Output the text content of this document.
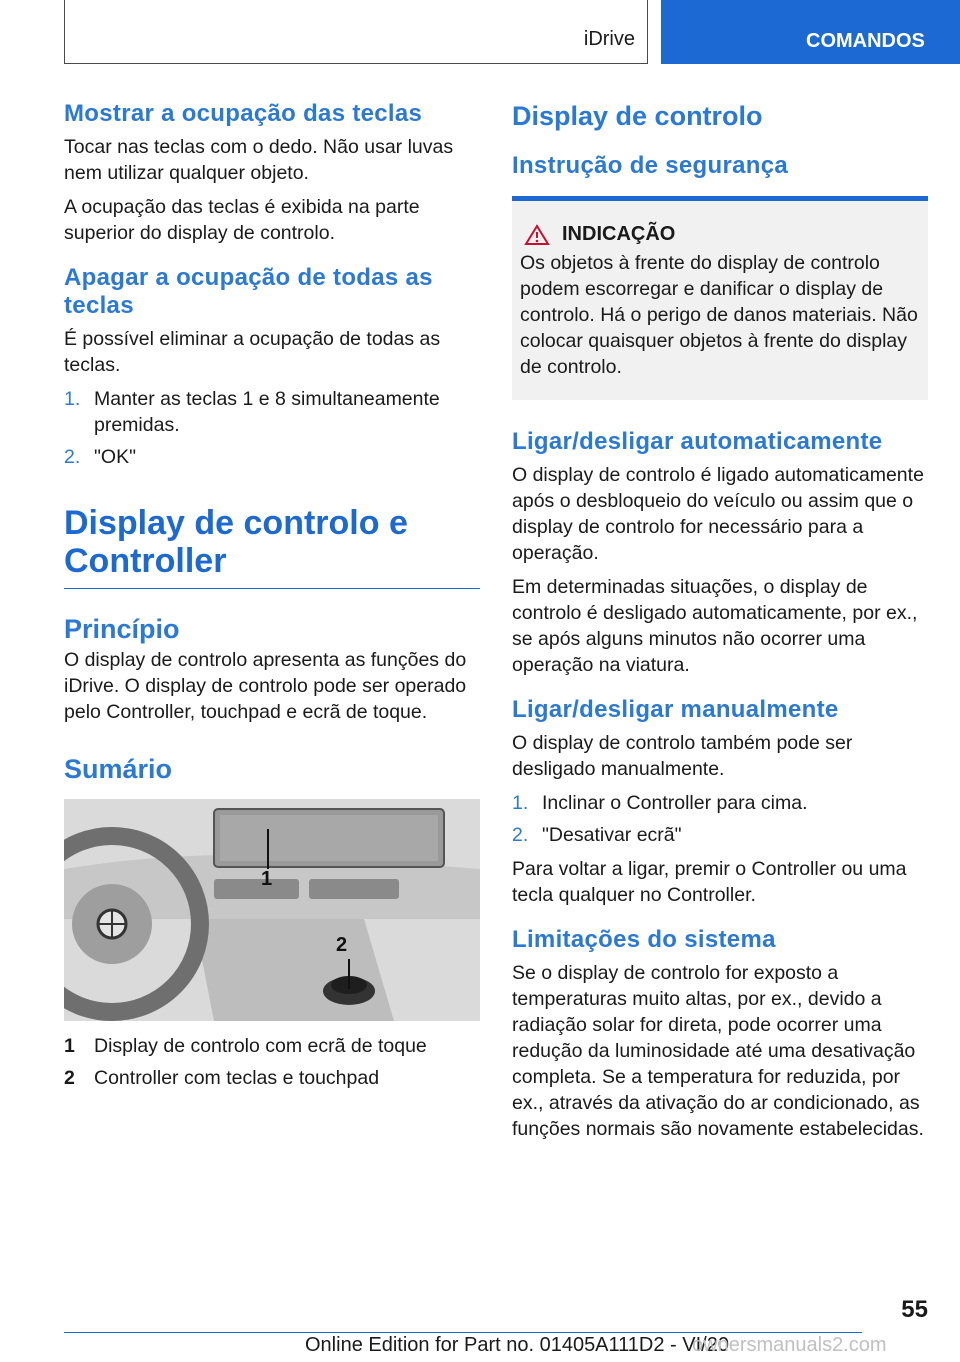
iDrive	COMANDOS
Mostrar a ocupação das teclas

Tocar nas teclas com o dedo. Não usar luvas nem utilizar qualquer objeto.

A ocupação das teclas é exibida na parte superior do display de controlo.

Apagar a ocupação de todas as teclas

É possível eliminar a ocupação de todas as teclas.

1. Manter as teclas 1 e 8 simultaneamente premidas.
2. "OK"
Display de controlo e Controller
Princípio

O display de controlo apresenta as funções do iDrive. O display de controlo pode ser operado pelo Controller, touchpad e ecrã de toque.

Sumário
1
2
1 Display de controlo com ecrã de toque
2 Controller com teclas e touchpad
Display de controlo
Instrução de segurança
INDICAÇÃO

Os objetos à frente do display de controlo podem escorregar e danificar o display de controlo. Há o perigo de danos materiais. Não colocar quaisquer objetos à frente do display de controlo.

Ligar/desligar automaticamente

O display de controlo é ligado automaticamente após o desbloqueio do veículo ou assim que o display de controlo for necessário para a operação.

Em determinadas situações, o display de controlo é desligado automaticamente, por ex., se após alguns minutos não ocorrer uma operação na viatura.

Ligar/desligar manualmente

O display de controlo também pode ser desligado manualmente.

1. Inclinar o Controller para cima.
2. "Desativar ecrã"

Para voltar a ligar, premir o Controller ou uma tecla qualquer no Controller.

Limitações do sistema

Se o display de controlo for exposto a temperaturas muito altas, por ex., devido a radiação solar for direta, pode ocorrer uma redução da luminosidade até uma desativação completa. Se a temperatura for reduzida, por ex., através da ativação do ar condicionado, as funções normais são novamente estabelecidas.

55
Online Edition for Part no. 01405A111D2 - VI/20
ownersmanuals2.com
